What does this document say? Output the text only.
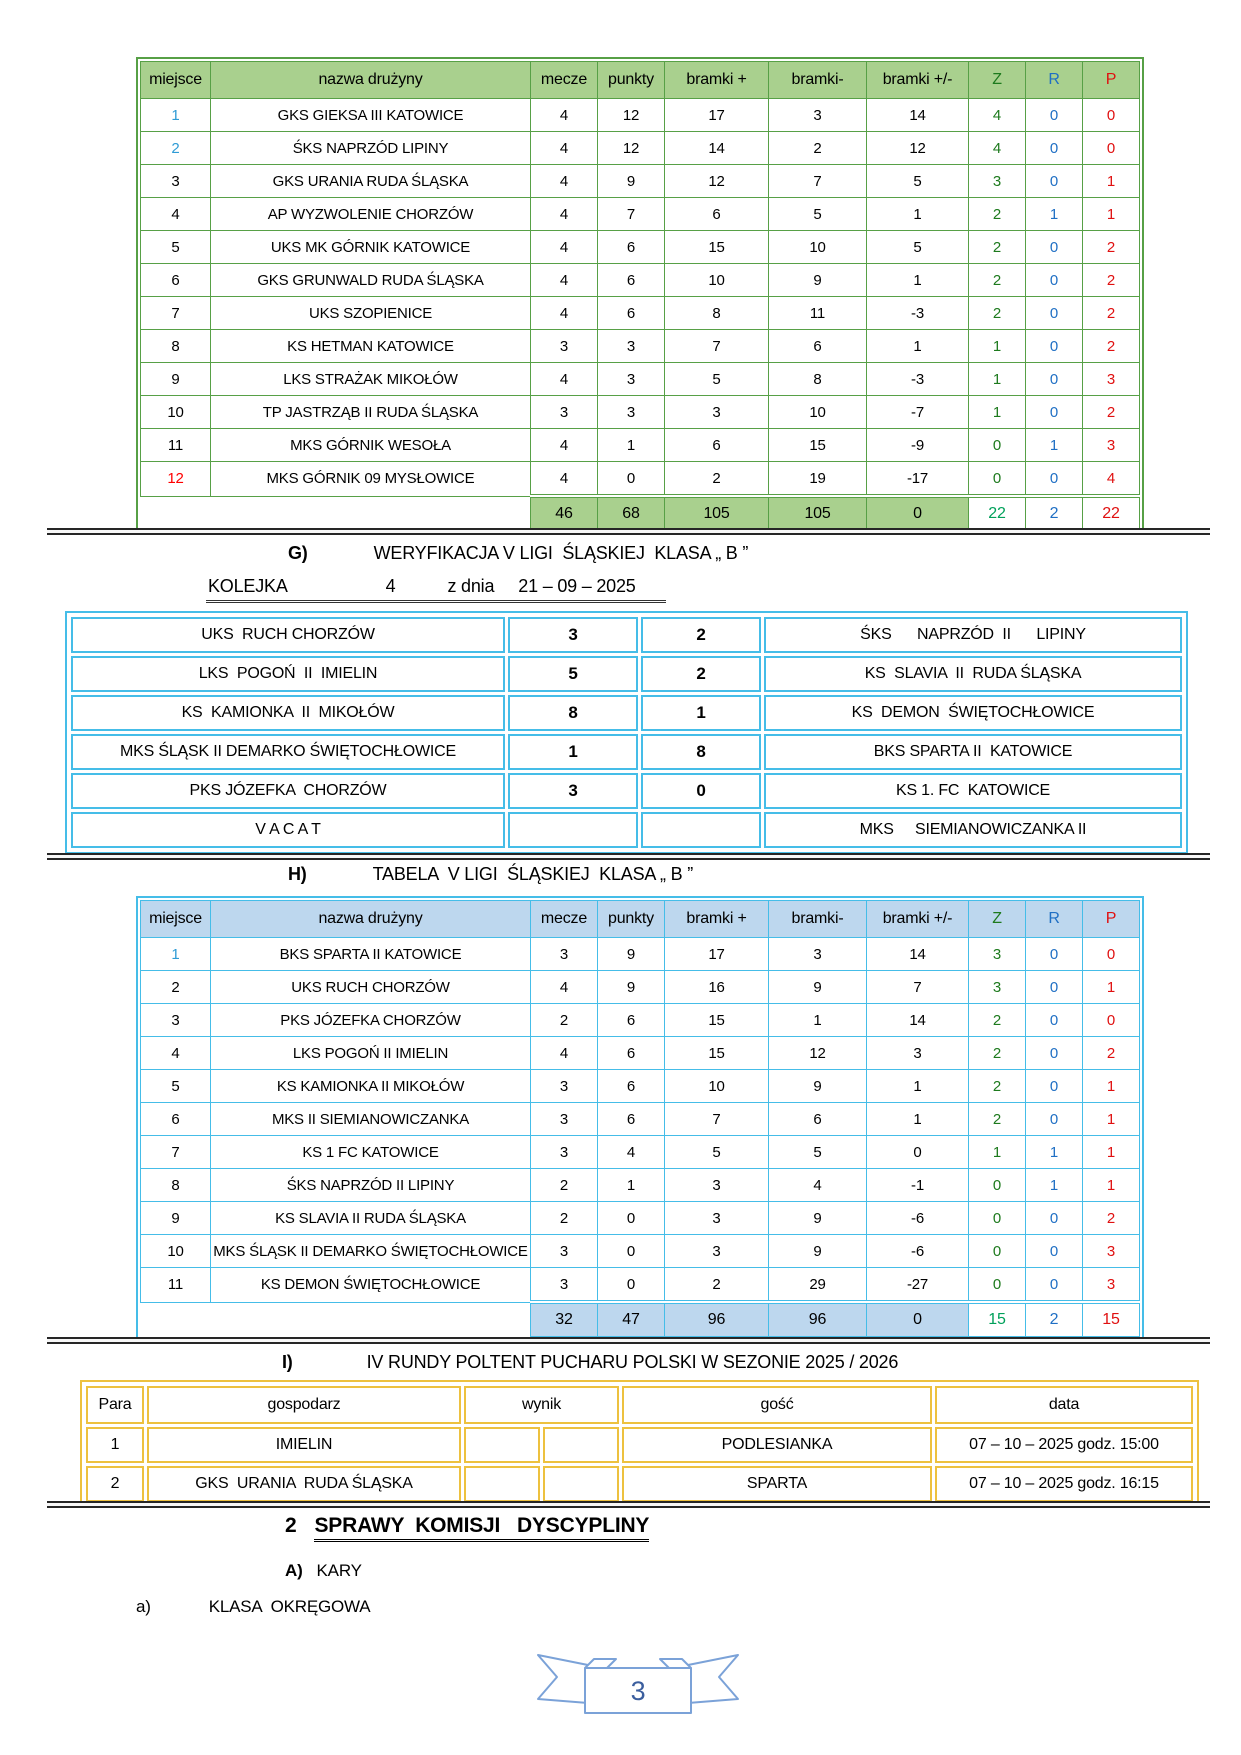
miejsce	nazwa drużyny	mecze	punkty	bramki +	bramki-	bramki +/-	Z	R	P
1	GKS GIEKSA III KATOWICE	4	12	17	3	14	4	0	0
2	ŚKS NAPRZÓD LIPINY	4	12	14	2	12	4	0	0
3	GKS URANIA RUDA ŚLĄSKA	4	9	12	7	5	3	0	1
4	AP WYZWOLENIE CHORZÓW	4	7	6	5	1	2	1	1
5	UKS MK GÓRNIK KATOWICE	4	6	15	10	5	2	0	2
6	GKS GRUNWALD RUDA ŚLĄSKA	4	6	10	9	1	2	0	2
7	UKS SZOPIENICE	4	6	8	11	-3	2	0	2
8	KS HETMAN KATOWICE	3	3	7	6	1	1	0	2
9	LKS STRAŻAK MIKOŁÓW	4	3	5	8	-3	1	0	3
10	TP JASTRZĄB II RUDA ŚLĄSKA	3	3	3	10	-7	1	0	2
11	MKS GÓRNIK WESOŁA	4	1	6	15	-9	0	1	3
12	MKS GÓRNIK 09 MYSŁOWICE	4	0	2	19	-17	0	0	4
		46	68	105	105	0	22	2	22
G)	WERYFIKACJA V LIGI  ŚLĄSKIEJ  KLASA „ B ”
KOLEJKA	4	z dnia 21 – 09 – 2025
UKS  RUCH CHORZÓW	3	2	ŚKS      NAPRZÓD  II      LIPINY
LKS  POGOŃ  II  IMIELIN	5	2	KS  SLAVIA  II  RUDA ŚLĄSKA
KS  KAMIONKA  II  MIKOŁÓW	8	1	KS  DEMON  ŚWIĘTOCHŁOWICE
MKS ŚLĄSK II DEMARKO ŚWIĘTOCHŁOWICE	1	8	BKS SPARTA II  KATOWICE
PKS JÓZEFKA  CHORZÓW	3	0	KS 1. FC  KATOWICE
V A C A T			MKS     SIEMIANOWICZANKA II
H)	TABELA  V LIGI  ŚLĄSKIEJ  KLASA „ B ”
miejsce	nazwa drużyny	mecze	punkty	bramki +	bramki-	bramki +/-	Z	R	P
1	BKS SPARTA II KATOWICE	3	9	17	3	14	3	0	0
2	UKS RUCH CHORZÓW	4	9	16	9	7	3	0	1
3	PKS JÓZEFKA CHORZÓW	2	6	15	1	14	2	0	0
4	LKS POGOŃ II IMIELIN	4	6	15	12	3	2	0	2
5	KS KAMIONKA II MIKOŁÓW	3	6	10	9	1	2	0	1
6	MKS II SIEMIANOWICZANKA	3	6	7	6	1	2	0	1
7	KS 1 FC KATOWICE	3	4	5	5	0	1	1	1
8	ŚKS NAPRZÓD II LIPINY	2	1	3	4	-1	0	1	1
9	KS SLAVIA II RUDA ŚLĄSKA	2	0	3	9	-6	0	0	2
10	MKS ŚLĄSK II DEMARKO ŚWIĘTOCHŁOWICE	3	0	3	9	-6	0	0	3
11	KS DEMON ŚWIĘTOCHŁOWICE	3	0	2	29	-27	0	0	3
		32	47	96	96	0	15	2	15
I)	IV RUNDY POLTENT PUCHARU POLSKI W SEZONIE 2025 / 2026
Para	gospodarz	wynik		gość	data
1	IMIELIN			PODLESIANKA	07 – 10 – 2025 godz. 15:00
2	GKS  URANIA  RUDA ŚLĄSKA			SPARTA	07 – 10 – 2025 godz. 16:15
2 SPRAWY  KOMISJI   DYSCYPLINY
A) KARY
a)	KLASA  OKRĘGOWA
3
